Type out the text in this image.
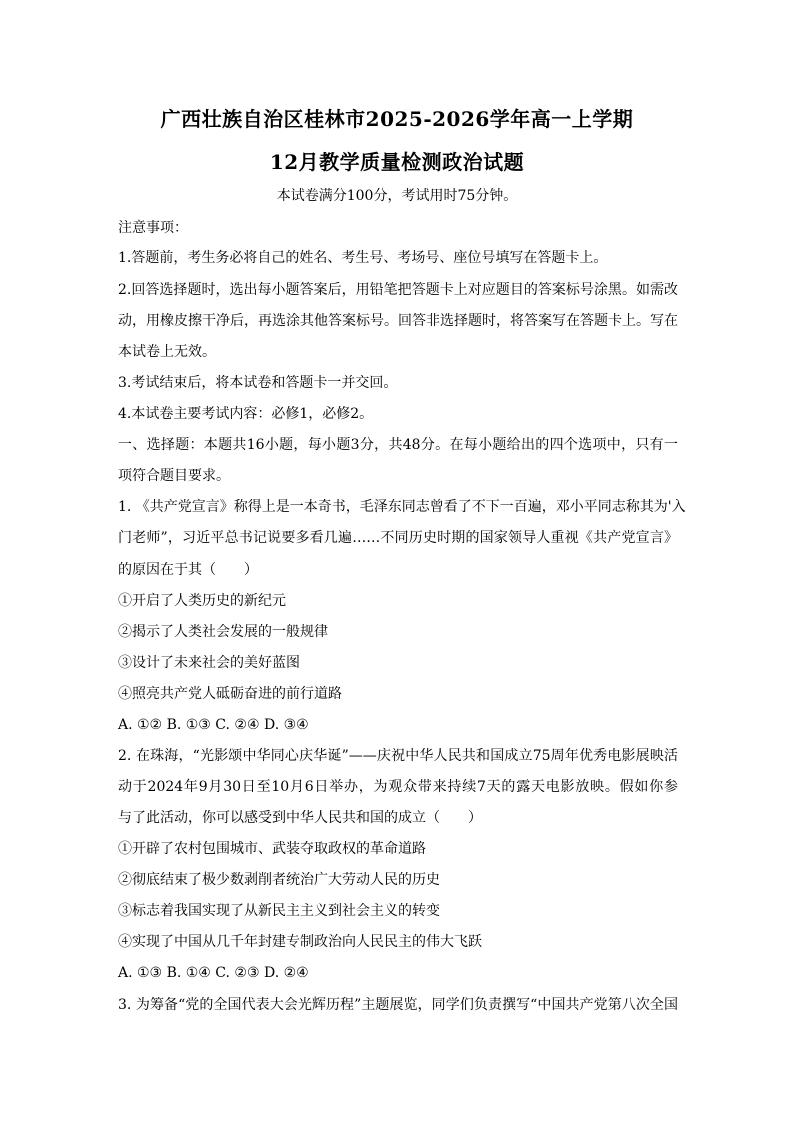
广西壮族自治区桂林市2025-2026学年高一上学期
12月教学质量检测政治试题
本试卷满分100分，考试用时75分钟。
注意事项：
1.答题前，考生务必将自己的姓名、考生号、考场号、座位号填写在答题卡上。
2.回答选择题时，选出每小题答案后，用铅笔把答题卡上对应题目的答案标号涂黑。如需改
动，用橡皮擦干净后，再选涂其他答案标号。回答非选择题时，将答案写在答题卡上。写在
本试卷上无效。
3.考试结束后，将本试卷和答题卡一并交回。
4.本试卷主要考试内容：必修1，必修2。
一、选择题：本题共16小题，每小题3分，共48分。在每小题给出的四个选项中，只有一
项符合题目要求。
1. 《共产党宣言》称得上是一本奇书，毛泽东同志曾看了不下一百遍，邓小平同志称其为'入
门老师”，习近平总书记说要多看几遍……不同历史时期的国家领导人重视《共产党宣言》
的原因在于其（　　）
①开启了人类历史的新纪元
②揭示了人类社会发展的一般规律
③设计了未来社会的美好蓝图
④照亮共产党人砥砺奋进的前行道路
A. ①② B. ①③ C. ②④ D. ③④
2. 在珠海，“光影颂中华同心庆华诞”——庆祝中华人民共和国成立75周年优秀电影展映活
动于2024年9月30日至10月6日举办，为观众带来持续7天的露天电影放映。假如你参
与了此活动，你可以感受到中华人民共和国的成立（　　）
①开辟了农村包围城市、武装夺取政权的革命道路
②彻底结束了极少数剥削者统治广大劳动人民的历史
③标志着我国实现了从新民主主义到社会主义的转变
④实现了中国从几千年封建专制政治向人民民主的伟大飞跃
A. ①③ B. ①④ C. ②③ D. ②④
3. 为筹备“党的全国代表大会光辉历程”主题展览，同学们负责撰写“中国共产党第八次全国
